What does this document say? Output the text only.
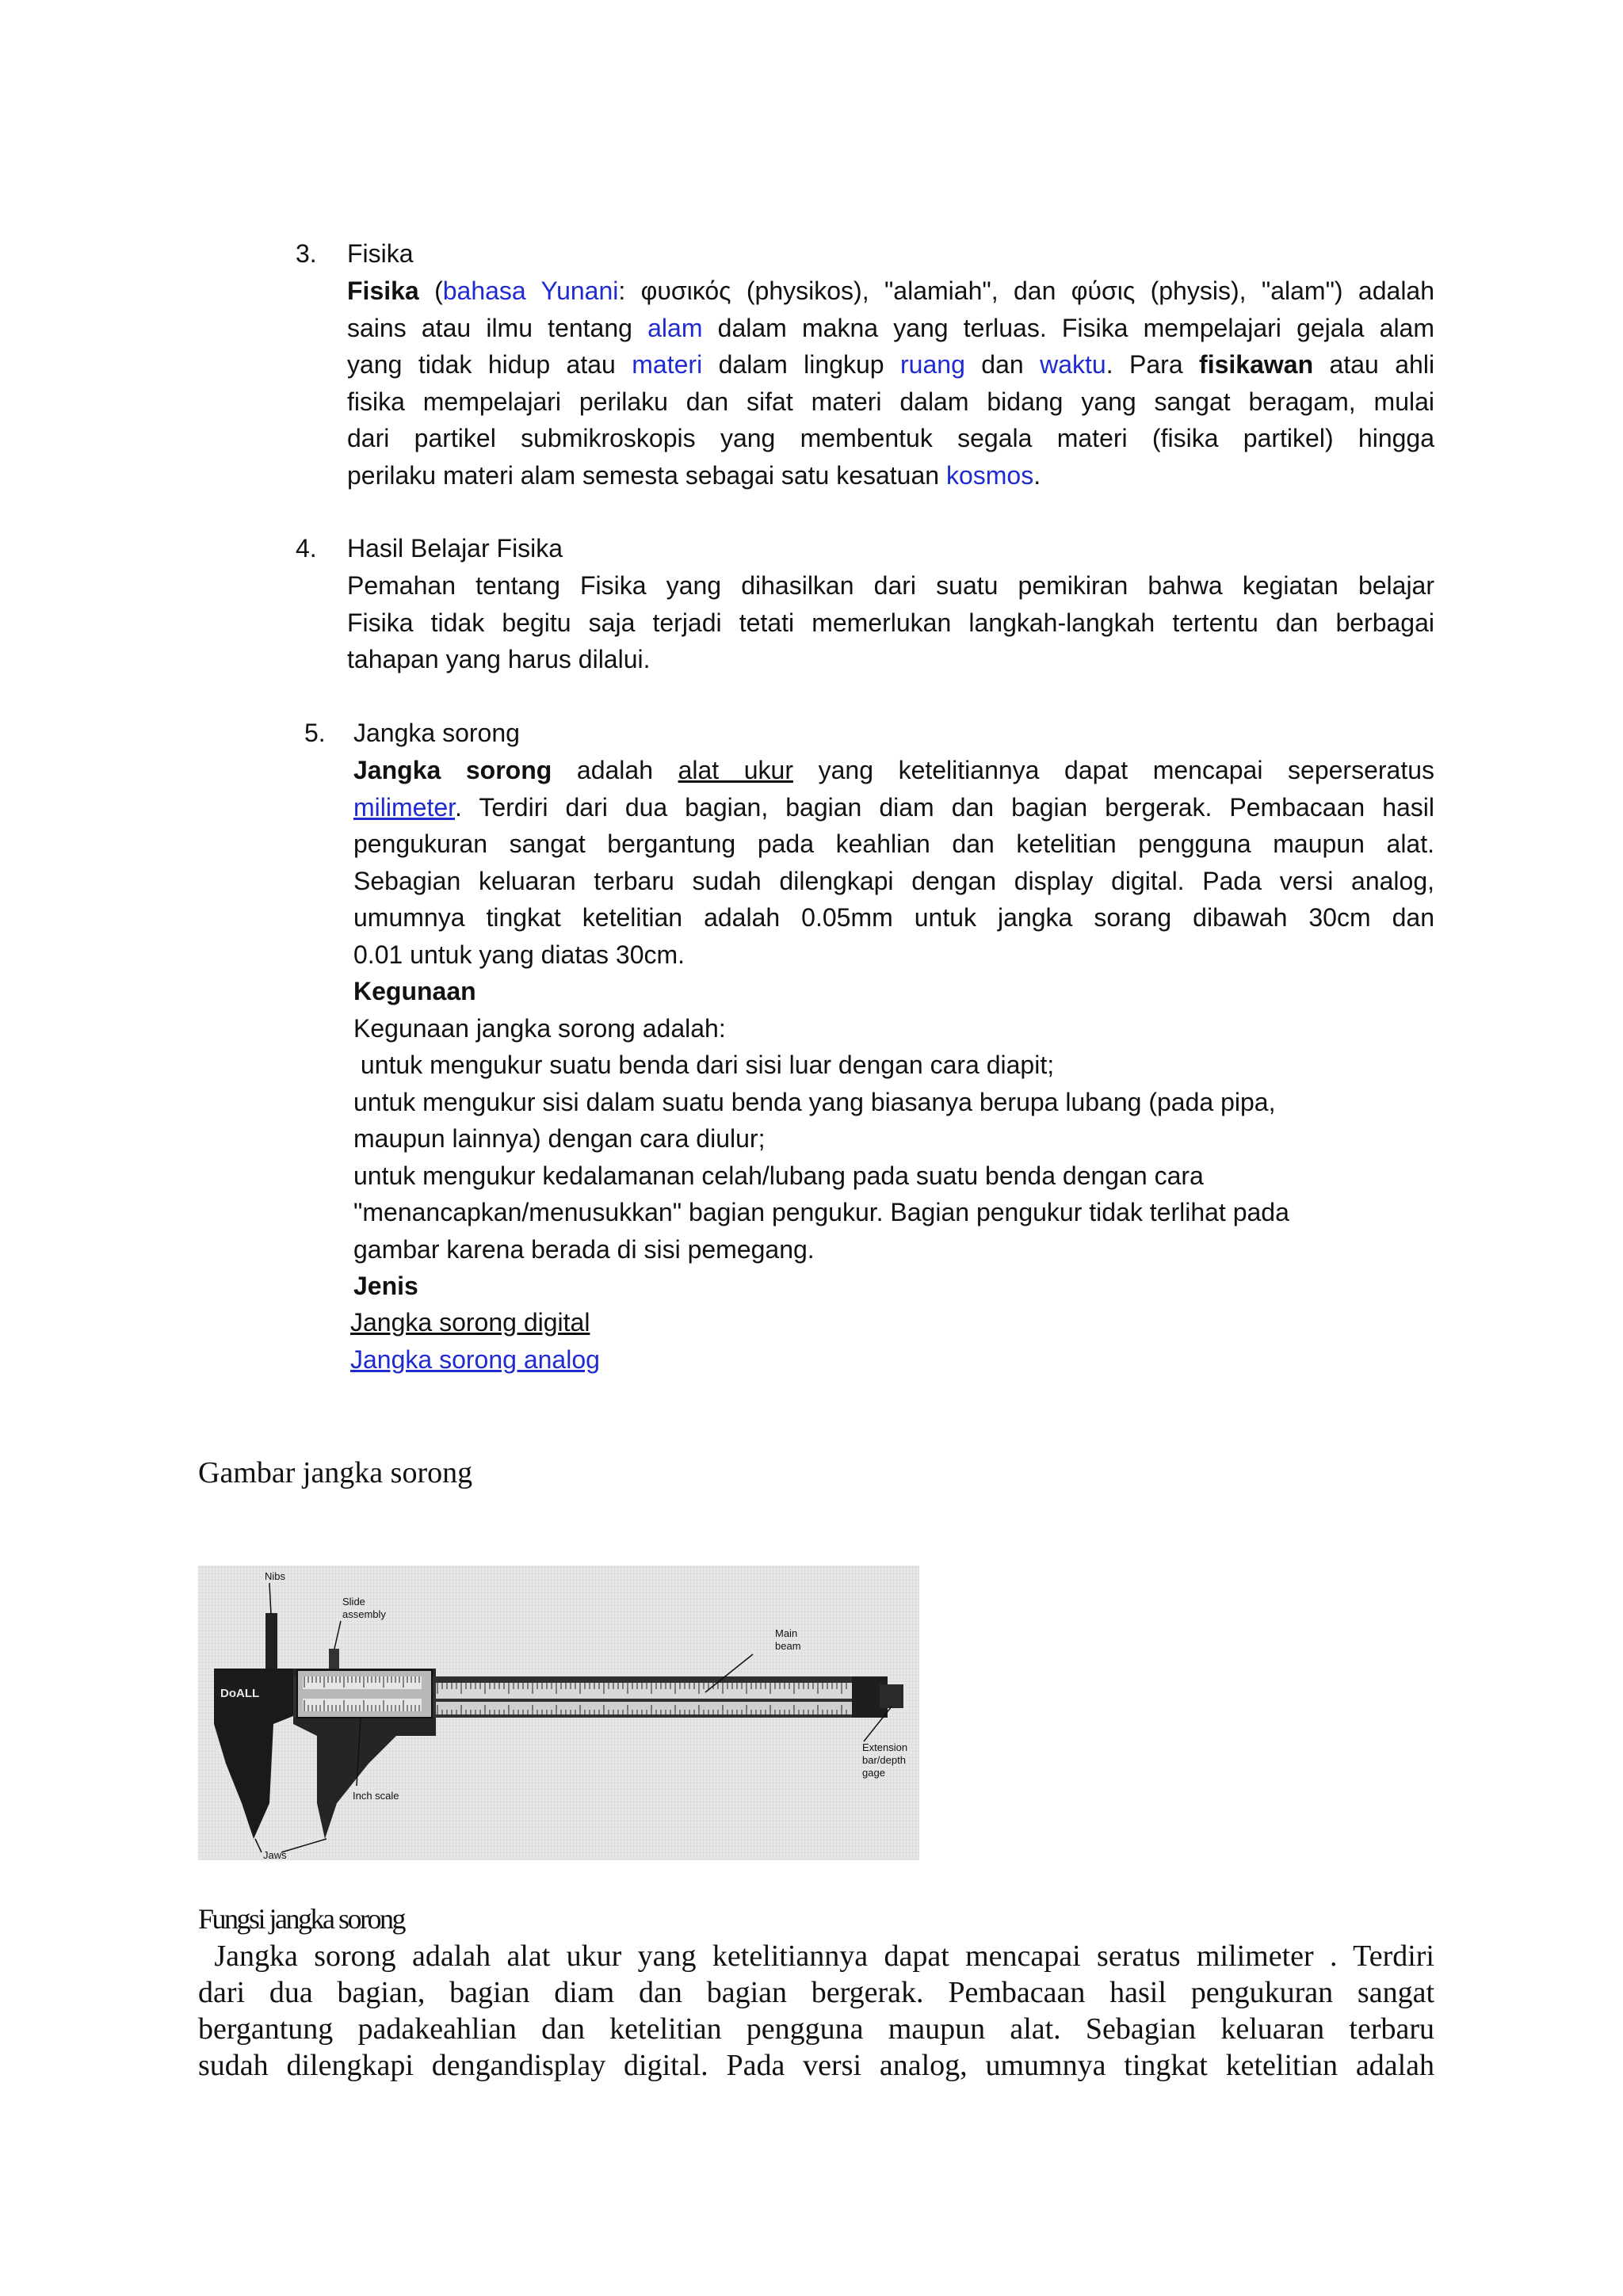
3. Fisika
Fisika (bahasa Yunani: φυσικός (physikos), "alamiah", dan φύσις (physis), "alam") adalah
sains atau ilmu tentang alam dalam makna yang terluas. Fisika mempelajari gejala alam
yang tidak hidup atau materi dalam lingkup ruang dan waktu. Para fisikawan atau ahli
fisika mempelajari perilaku dan sifat materi dalam bidang yang sangat beragam, mulai
dari partikel submikroskopis yang membentuk segala materi (fisika partikel) hingga
perilaku materi alam semesta sebagai satu kesatuan kosmos.
4. Hasil Belajar Fisika
Pemahan tentang Fisika yang dihasilkan dari suatu pemikiran bahwa kegiatan belajar
Fisika tidak begitu saja terjadi tetati memerlukan langkah-langkah tertentu dan berbagai
tahapan yang harus dilalui.
5. Jangka sorong
Jangka sorong adalah alat ukur yang ketelitiannya dapat mencapai seperseratus
milimeter. Terdiri dari dua bagian, bagian diam dan bagian bergerak. Pembacaan hasil
pengukuran sangat bergantung pada keahlian dan ketelitian pengguna maupun alat.
Sebagian keluaran terbaru sudah dilengkapi dengan display digital. Pada versi analog,
umumnya tingkat ketelitian adalah 0.05mm untuk jangka sorang dibawah 30cm dan
0.01 untuk yang diatas 30cm.
Kegunaan
Kegunaan jangka sorong adalah:
untuk mengukur suatu benda dari sisi luar dengan cara diapit;
untuk mengukur sisi dalam suatu benda yang biasanya berupa lubang (pada pipa,
maupun lainnya) dengan cara diulur;
untuk mengukur kedalamanan celah/lubang pada suatu benda dengan cara
"menancapkan/menusukkan" bagian pengukur. Bagian pengukur tidak terlihat pada
gambar karena berada di sisi pemegang.
Jenis
Jangka sorong digital
Jangka sorong analog
Gambar jangka sorong
DoALL
Nibs
Slide
assembly
Main
beam
Extension
bar/depth
gage
Inch scale
Jaws
Fungsi jangka sorong
Jangka sorong adalah alat ukur yang ketelitiannya dapat mencapai seratus milimeter . Terdiri
dari dua bagian, bagian diam dan bagian bergerak. Pembacaan hasil pengukuran sangat
bergantung padakeahlian dan ketelitian pengguna maupun alat. Sebagian keluaran terbaru
sudah dilengkapi dengandisplay digital. Pada versi analog, umumnya tingkat ketelitian adalah
